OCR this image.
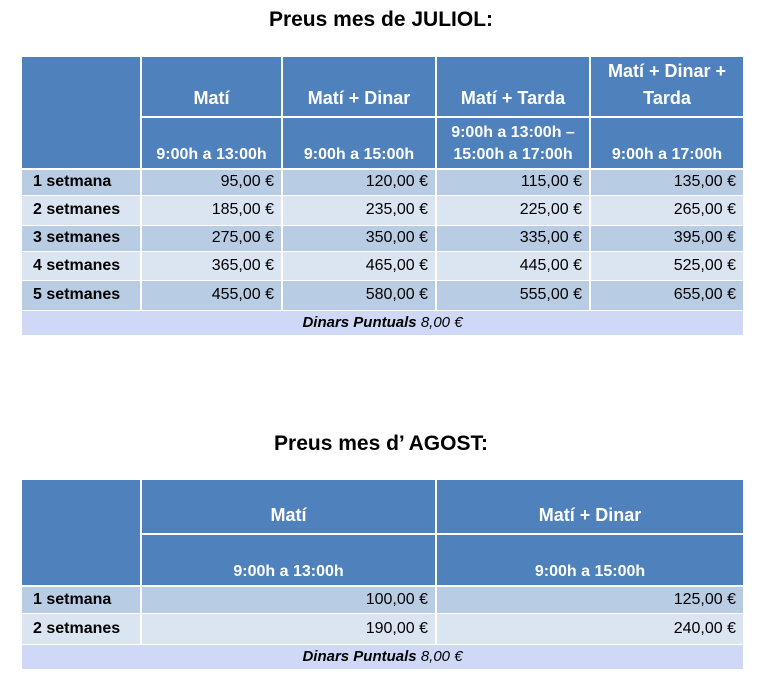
Preus mes de JULIOL:
	Matí	Matí + Dinar	Matí + Tarda	Matí + Dinar + Tarda
	9:00h a 13:00h	9:00h a 15:00h	9:00h a 13:00h – 15:00h a 17:00h	9:00h a 17:00h
1 setmana	95,00 €	120,00 €	115,00 €	135,00 €
2 setmanes	185,00 €	235,00 €	225,00 €	265,00 €
3 setmanes	275,00 €	350,00 €	335,00 €	395,00 €
4 setmanes	365,00 €	465,00 €	445,00 €	525,00 €
5 setmanes	455,00 €	580,00 €	555,00 €	655,00 €
Dinars Puntuals 8,00 €				
Preus mes d’ AGOST:
	Matí	Matí + Dinar
	9:00h a 13:00h	9:00h a 15:00h
1 setmana	100,00 €	125,00 €
2 setmanes	190,00 €	240,00 €
Dinars Puntuals 8,00 €		
